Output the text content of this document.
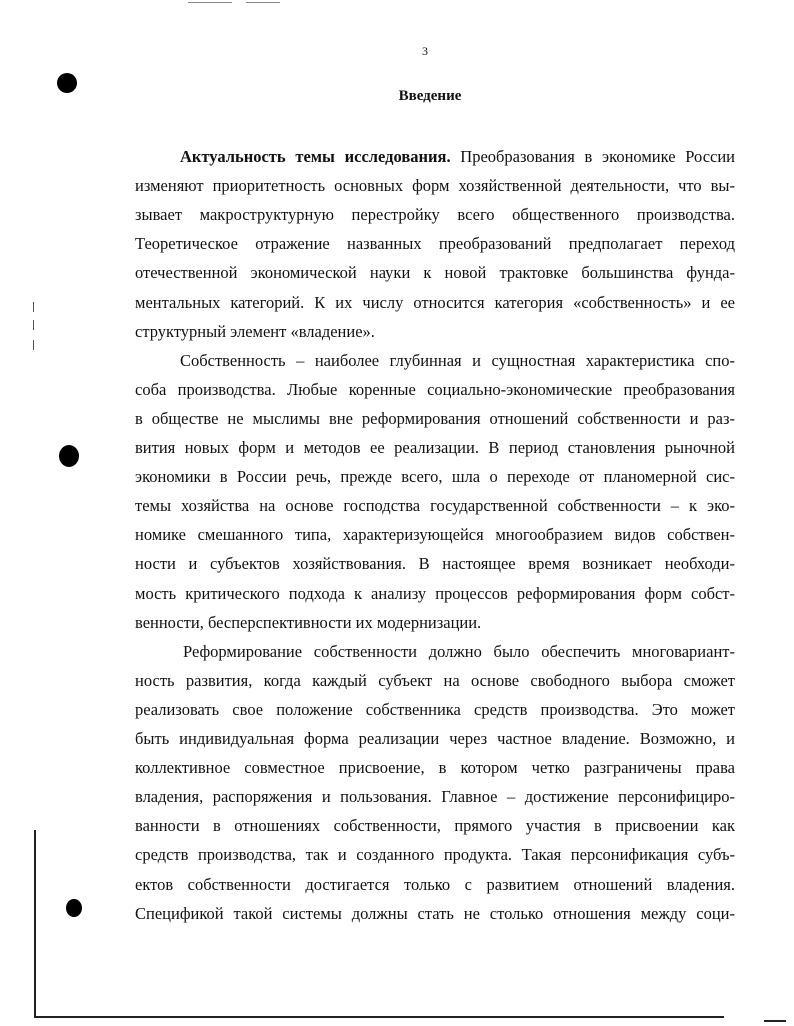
3
Введение
Актуальность темы исследования. Преобразования в экономике России
изменяют приоритетность основных форм хозяйственной деятельности, что вы-
зывает макроструктурную перестройку всего общественного производства.
Теоретическое отражение названных преобразований предполагает переход
отечественной экономической науки к новой трактовке большинства фунда-
ментальных категорий. К их числу относится категория «собственность» и ее
структурный элемент «владение».
Собственность – наиболее глубинная и сущностная характеристика спо-
соба производства. Любые коренные социально-экономические преобразования
в обществе не мыслимы вне реформирования отношений собственности и раз-
вития новых форм и методов ее реализации. В период становления рыночной
экономики в России речь, прежде всего, шла о переходе от планомерной сис-
темы хозяйства на основе господства государственной собственности – к эко-
номике смешанного типа, характеризующейся многообразием видов собствен-
ности и субъектов хозяйствования. В настоящее время возникает необходи-
мость критического подхода к анализу процессов реформирования форм собст-
венности, бесперспективности их модернизации.
Реформирование собственности должно было обеспечить многовариант-
ность развития, когда каждый субъект на основе свободного выбора сможет
реализовать свое положение собственника средств производства. Это может
быть индивидуальная форма реализации через частное владение. Возможно, и
коллективное совместное присвоение, в котором четко разграничены права
владения, распоряжения и пользования. Главное – достижение персонифициро-
ванности в отношениях собственности, прямого участия в присвоении как
средств производства, так и созданного продукта. Такая персонификация субъ-
ектов собственности достигается только с развитием отношений владения.
Спецификой такой системы должны стать не столько отношения между соци-
